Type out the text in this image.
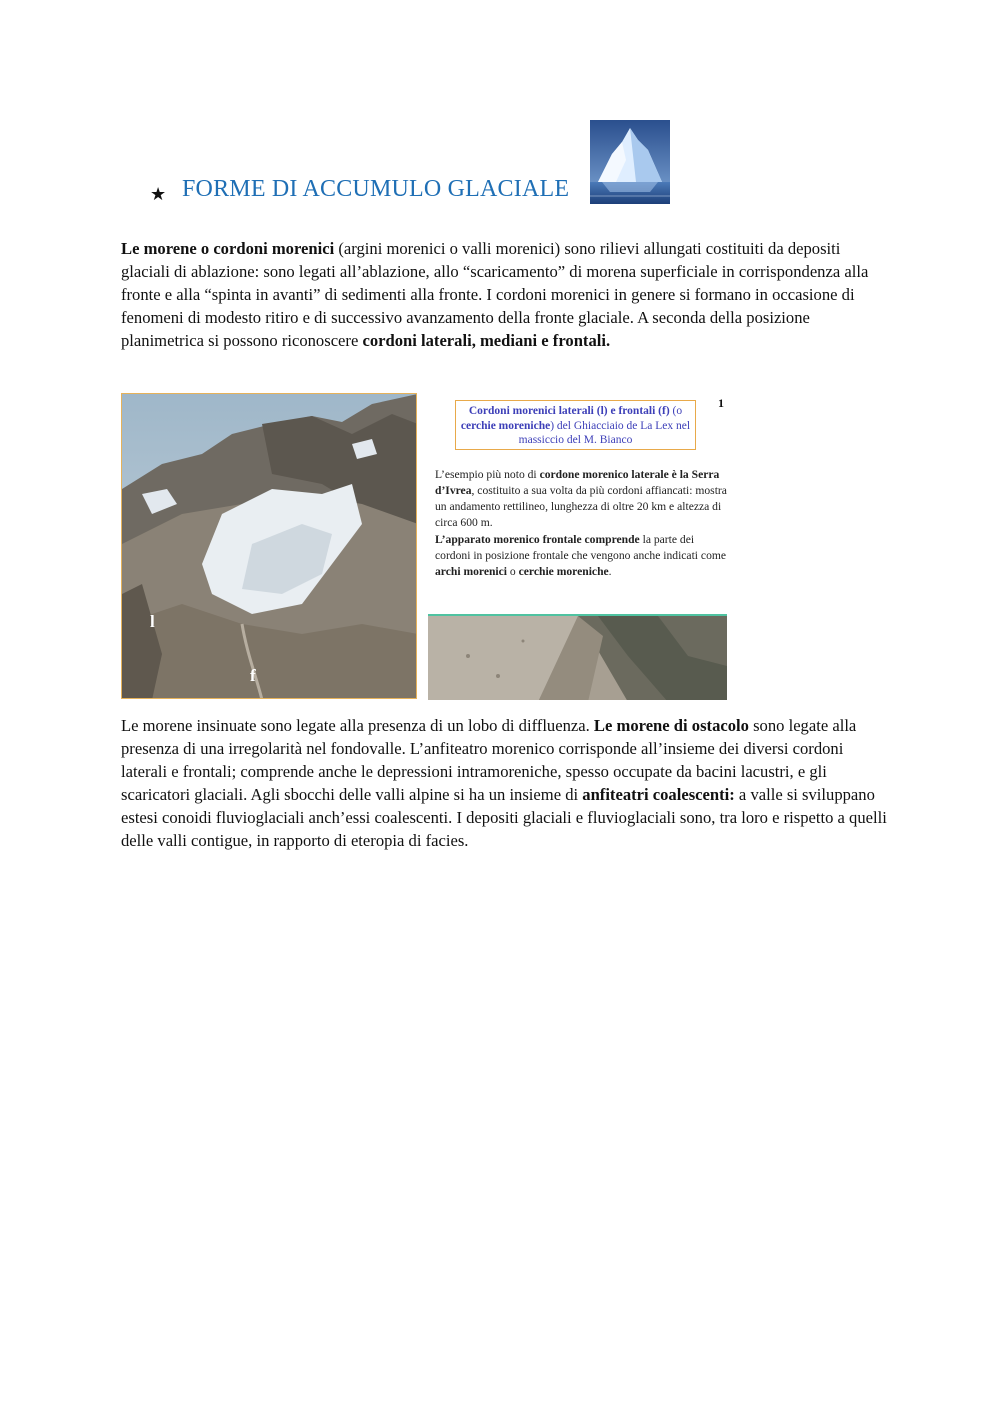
★ FORME DI ACCUMULO GLACIALE

Le morene o cordoni morenici (argini morenici o valli morenici) sono rilievi allungati costituiti da depositi glaciali di ablazione: sono legati all’ablazione, allo “scaricamento” di morena superficiale in corrispondenza alla fronte e alla “spinta in avanti” di sedimenti alla fronte. I cordoni morenici in genere si formano in occasione di fenomeni di modesto ritiro e di successivo avanzamento della fronte glaciale. A seconda della posizione planimetrica si possono riconoscere cordoni laterali, mediani e frontali.

l
f
Cordoni morenici laterali (l) e frontali (f) (o
cerchie moreniche) del Ghiacciaio de La Lex nel massiccio del M. Bianco
1

L’esempio più noto di cordone morenico laterale è la Serra d’Ivrea, costituito a sua volta da più cordoni affiancati: mostra un andamento rettilineo, lunghezza di oltre 20 km e altezza di circa 600 m.

L’apparato morenico frontale comprende la parte dei cordoni in posizione frontale che vengono anche indicati come archi morenici o cerchie moreniche.

Le morene insinuate sono legate alla presenza di un lobo di diffluenza. Le morene di ostacolo sono legate alla presenza di una irregolarità nel fondovalle. L’anfiteatro morenico corrisponde all’insieme dei diversi cordoni laterali e frontali; comprende anche le depressioni intramoreniche, spesso occupate da bacini lacustri, e gli scaricatori glaciali. Agli sbocchi delle valli alpine si ha un insieme di anfiteatri coalescenti: a valle si sviluppano estesi conoidi fluvioglaciali anch’essi coalescenti. I depositi glaciali e fluvioglaciali sono, tra loro e rispetto a quelli delle valli contigue, in rapporto di eteropia di facies.
